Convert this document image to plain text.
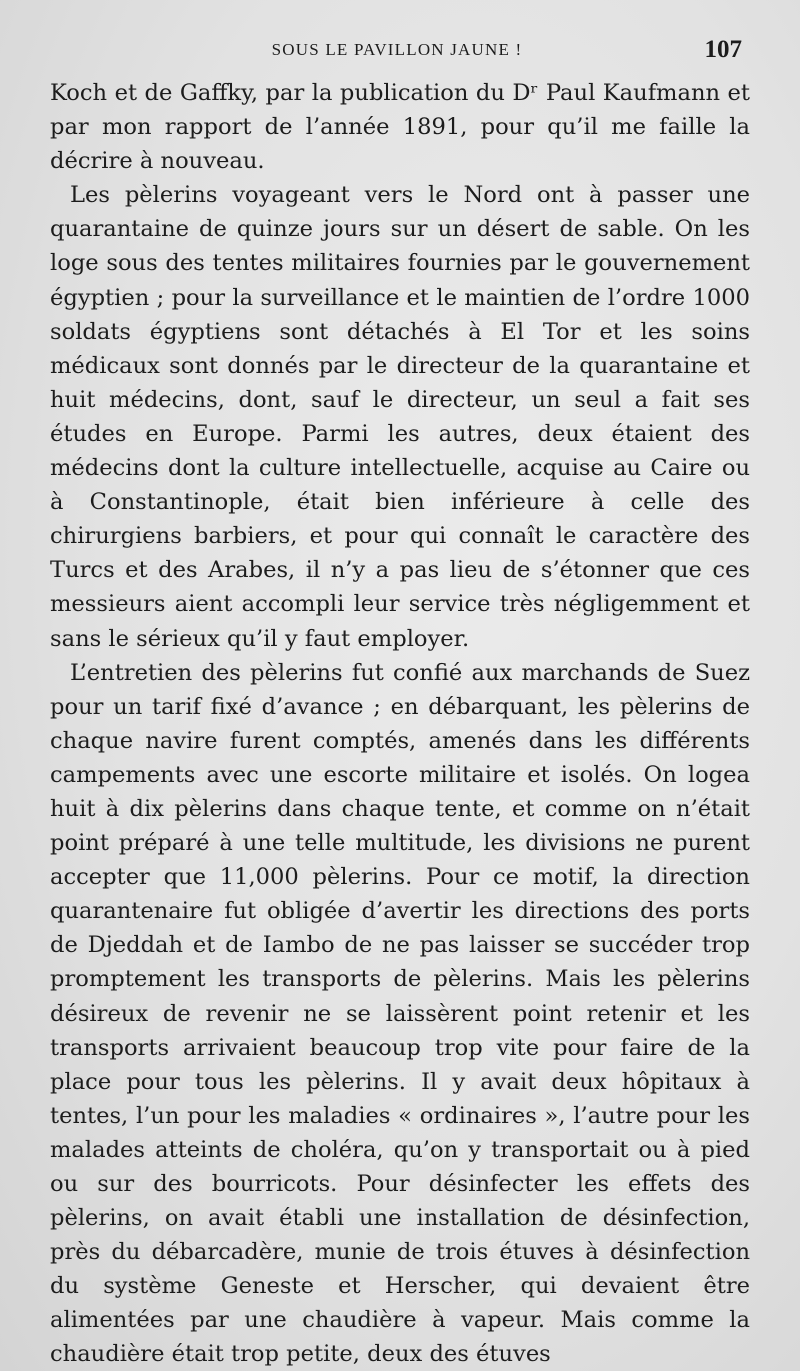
SOUS LE PAVILLON JAUNE !	107

Koch et de Gaffky, par la publication du Dʳ Paul Kaufmann et par mon rapport de l’année 1891, pour qu’il me faille la décrire à nouveau.

Les pèlerins voyageant vers le Nord ont à passer une quarantaine de quinze jours sur un désert de sable. On les loge sous des tentes militaires fournies par le gouvernement égyptien ; pour la surveillance et le maintien de l’ordre 1000 soldats égyptiens sont détachés à El Tor et les soins médicaux sont donnés par le directeur de la quarantaine et huit médecins, dont, sauf le directeur, un seul a fait ses études en Europe. Parmi les autres, deux étaient des médecins dont la culture intellectuelle, acquise au Caire ou à Constantinople, était bien inférieure à celle des chirurgiens barbiers, et pour qui connaît le caractère des Turcs et des Arabes, il n’y a pas lieu de s’étonner que ces messieurs aient accompli leur service très négligemment et sans le sérieux qu’il y faut employer.

L’entretien des pèlerins fut confié aux marchands de Suez pour un tarif fixé d’avance ; en débarquant, les pèlerins de chaque navire furent comptés, amenés dans les différents campements avec une escorte militaire et isolés. On logea huit à dix pèlerins dans chaque tente, et comme on n’était point préparé à une telle multitude, les divisions ne purent accepter que 11,000 pèlerins. Pour ce motif, la direction quarantenaire fut obligée d’avertir les directions des ports de Djeddah et de Iambo de ne pas laisser se succéder trop promptement les transports de pèlerins. Mais les pèlerins désireux de revenir ne se laissèrent point retenir et les transports arrivaient beaucoup trop vite pour faire de la place pour tous les pèlerins. Il y avait deux hôpitaux à tentes, l’un pour les maladies « ordinaires », l’autre pour les malades atteints de choléra, qu’on y transportait ou à pied ou sur des bourricots. Pour désinfecter les effets des pèlerins, on avait établi une installation de désinfection, près du débarcadère, munie de trois étuves à désinfection du système Geneste et Herscher, qui devaient être alimentées par une chaudière à vapeur. Mais comme la chaudière était trop petite, deux des étuves
